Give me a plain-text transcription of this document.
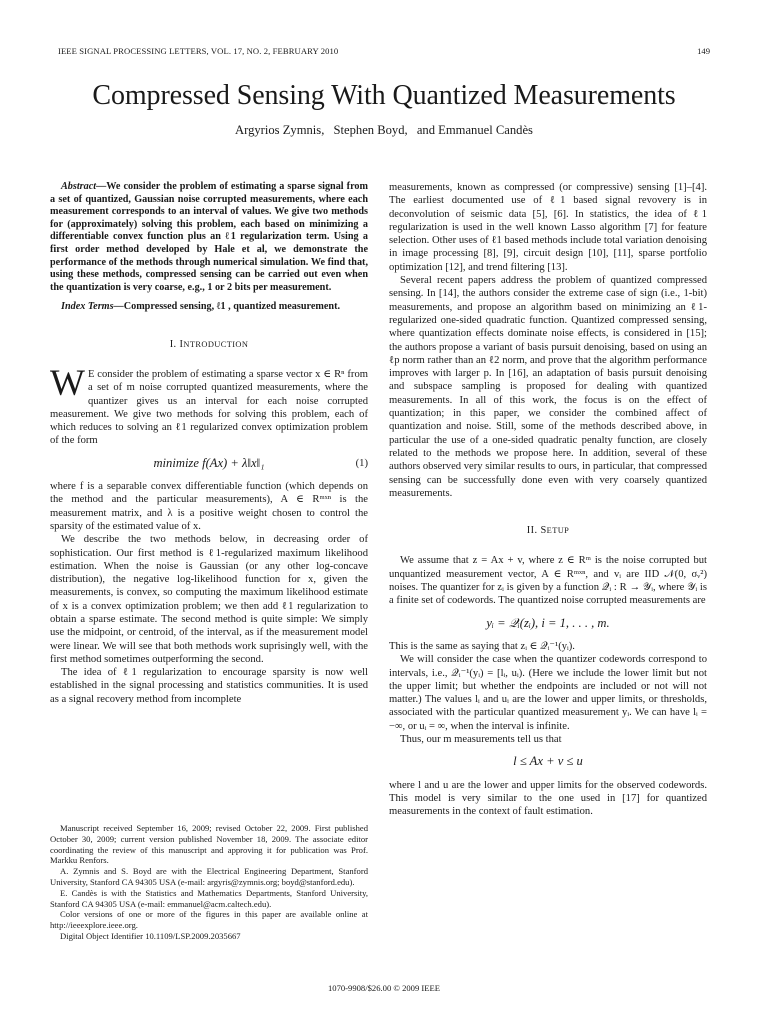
IEEE SIGNAL PROCESSING LETTERS, VOL. 17, NO. 2, FEBRUARY 2010	149
Compressed Sensing With Quantized Measurements
Argyrios Zymnis, Stephen Boyd, and Emmanuel Candès

Abstract—We consider the problem of estimating a sparse signal from a set of quantized, Gaussian noise corrupted measurements, where each measurement corresponds to an interval of values. We give two methods for (approximately) solving this problem, each based on minimizing a differentiable convex function plus an ℓ1 regularization term. Using a first order method developed by Hale et al, we demonstrate the performance of the methods through numerical simulation. We find that, using these methods, compressed sensing can be carried out even when the quantization is very coarse, e.g., 1 or 2 bits per measurement.

Index Terms—Compressed sensing, ℓ1 , quantized measurement.

I. INTRODUCTION

W E consider the problem of estimating a sparse vector x ∈ Rⁿ from a set of m noise corrupted quantized measurements, where the quantizer gives us an interval for each noise corrupted measurement. We give two methods for solving this problem, each of which reduces to solving an ℓ1 regularized convex optimization problem of the form

minimize f(Ax) + λ‖x‖₁	(1)

where f is a separable convex differentiable function (which depends on the method and the particular measurements), A ∈ Rᵐˣⁿ is the measurement matrix, and λ is a positive weight chosen to control the sparsity of the estimated value of x.

We describe the two methods below, in decreasing order of sophistication. Our first method is ℓ1-regularized maximum likelihood estimation. When the noise is Gaussian (or any other log-concave distribution), the negative log-likelihood function for x, given the measurements, is convex, so computing the maximum likelihood estimate of x is a convex optimization problem; we then add ℓ1 regularization to obtain a sparse estimate. The second method is quite simple: We simply use the midpoint, or centroid, of the interval, as if the measurement model were linear. We will see that both methods work suprisingly well, with the first method sometimes outperforming the second.

The idea of ℓ1 regularization to encourage sparsity is now well established in the signal processing and statistics communities. It is used as a signal recovery method from incomplete

Manuscript received September 16, 2009; revised October 22, 2009. First published October 30, 2009; current version published November 18, 2009. The associate editor coordinating the review of this manuscript and approving it for publication was Prof. Markku Renfors.

A. Zymnis and S. Boyd are with the Electrical Engineering Department, Stanford University, Stanford CA 94305 USA (e-mail: argyris@zymnis.org; boyd@stanford.edu).

E. Candès is with the Statistics and Mathematics Departments, Stanford University, Stanford CA 94305 USA (e-mail: emmanuel@acm.caltech.edu).

Color versions of one or more of the figures in this paper are available online at http://ieeexplore.ieee.org.

Digital Object Identifier 10.1109/LSP.2009.2035667

measurements, known as compressed (or compressive) sensing [1]–[4]. The earliest documented use of ℓ1 based signal revovery is in deconvolution of seismic data [5], [6]. In statistics, the idea of ℓ1 regularization is used in the well known Lasso algorithm [7] for feature selection. Other uses of ℓ1 based methods include total variation denoising in image processing [8], [9], circuit design [10], [11], sparse portfolio optimization [12], and trend filtering [13].

Several recent papers address the problem of quantized compressed sensing. In [14], the authors consider the extreme case of sign (i.e., 1-bit) measurements, and propose an algorithm based on minimizing an ℓ1-regularized one-sided quadratic function. Quantized compressed sensing, where quantization effects dominate noise effects, is considered in [15]; the authors propose a variant of basis pursuit denoising, based on using an ℓp norm rather than an ℓ2 norm, and prove that the algorithm performance improves with larger p. In [16], an adaptation of basis pursuit denoising and subspace sampling is proposed for dealing with quantized measurements. In all of this work, the focus is on the effect of quantization; in this paper, we consider the combined affect of quantization and noise. Still, some of the methods described above, in particular the use of a one-sided quadratic penalty function, are closely related to the methods we propose here. In addition, several of these authors observed very similar results to ours, in particular, that compressed sensing can be successfully done even with very coarsely quantized measurements.

II. SETUP

We assume that z = Ax + v, where z ∈ Rᵐ is the noise corrupted but unquantized measurement vector, A ∈ Rᵐˣⁿ, and vᵢ are IID 𝒩(0, σᵥ²) noises. The quantizer for zᵢ is given by a function 𝒬ᵢ : R → 𝒴ᵢ, where 𝒴ᵢ is a finite set of codewords. The quantized noise corrupted measurements are

yᵢ = 𝒬ᵢ(zᵢ), i = 1, . . . , m.

This is the same as saying that zᵢ ∈ 𝒬ᵢ⁻¹(yᵢ).

We will consider the case when the quantizer codewords correspond to intervals, i.e., 𝒬ᵢ⁻¹(yᵢ) = [lᵢ, uᵢ). (Here we include the lower limit but not the upper limit; but whether the endpoints are included or not will not matter.) The values lᵢ and uᵢ are the lower and upper limits, or thresholds, associated with the particular quantized measurement yᵢ. We can have lᵢ = −∞, or uᵢ = ∞, when the interval is infinite.

Thus, our m measurements tell us that

l ≤ Ax + v ≤ u

where l and u are the lower and upper limits for the observed codewords. This model is very similar to the one used in [17] for quantized measurements in the context of fault estimation.

1070-9908/$26.00 © 2009 IEEE
